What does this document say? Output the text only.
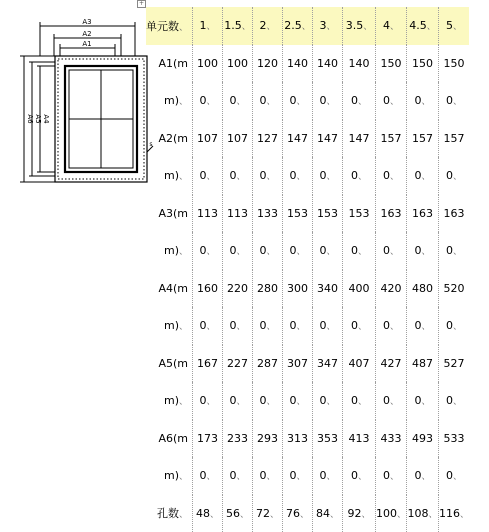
A3
A2
A1
A6 A5 A4
s
+
单元数、	1、	1.5、	2、	2.5、	3、	3.5、	4、	4.5、	5、
A1(m	100	100	120	140	140	140	150	150	150
m)、	0、	0、	0、	0、	0、	0、	0、	0、	0、
A2(m	107	107	127	147	147	147	157	157	157
m)、	0、	0、	0、	0、	0、	0、	0、	0、	0、
A3(m	113	113	133	153	153	153	163	163	163
m)、	0、	0、	0、	0、	0、	0、	0、	0、	0、
A4(m	160	220	280	300	340	400	420	480	520
m)、	0、	0、	0、	0、	0、	0、	0、	0、	0、
A5(m	167	227	287	307	347	407	427	487	527
m)、	0、	0、	0、	0、	0、	0、	0、	0、	0、
A6(m	173	233	293	313	353	413	433	493	533
m)、	0、	0、	0、	0、	0、	0、	0、	0、	0、
孔数、	48、	56、	72、	76、	84、	92、	100、	108、	116、
